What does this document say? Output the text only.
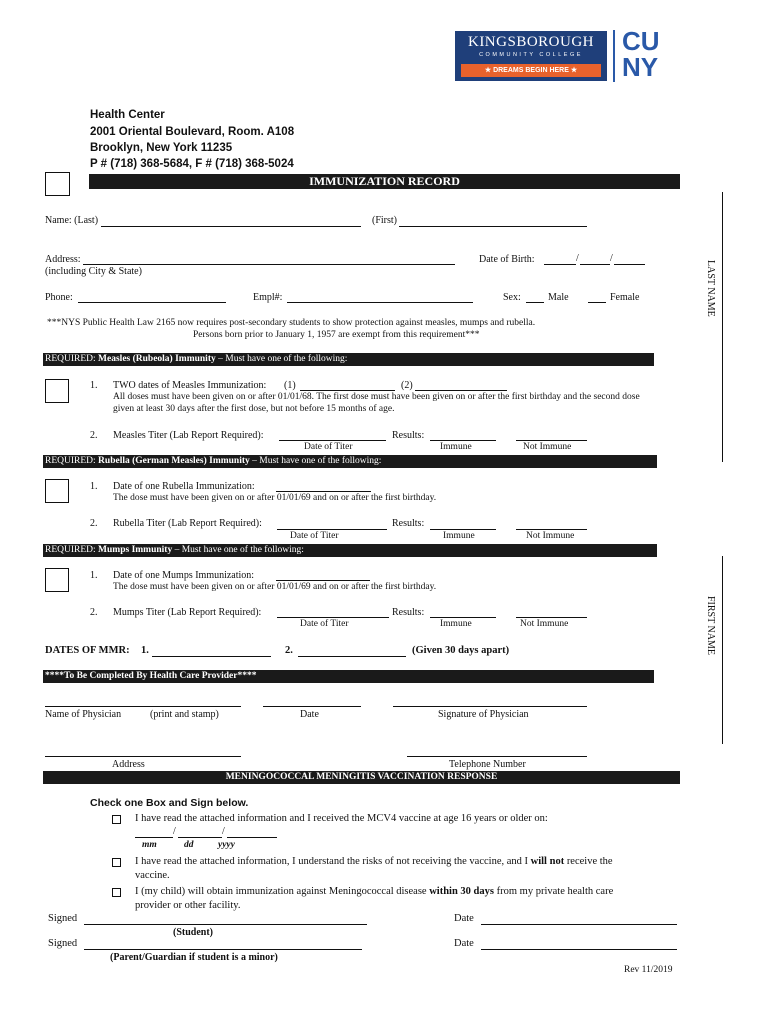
KINGSBOROUGH
COMMUNITY COLLEGE
★ DREAMS BEGIN HERE ★
CU
NY
Health Center
2001 Oriental Boulevard, Room. A108
Brooklyn, New York 11235
P # (718) 368-5684, F # (718) 368-5024
IMMUNIZATION RECORD
LAST NAME
FIRST NAME
Name: (Last)	(First)
Address:
(including City & State)
Date of Birth:	/	/
Phone:	Empl#:	Sex:	Male	Female
***NYS Public Health Law 2165 now requires post-secondary students to show protection against measles, mumps and rubella.
Persons born prior to January 1, 1957 are exempt from this requirement***
REQUIRED: Measles (Rubeola) Immunity – Must have one of the following:
1. TWO dates of Measles Immunization: (1)	(2)
All doses must have been given on or after 01/01/68. The first dose must have been given on or after the first birthday and the second dose
given at least 30 days after the first dose, but not before 15 months of age.
2. Measles Titer (Lab Report Required):	Results:
Date of Titer	Immune	Not Immune
REQUIRED: Rubella (German Measles) Immunity – Must have one of the following:
1. Date of one Rubella Immunization:
The dose must have been given on or after 01/01/69 and on or after the first birthday.
2. Rubella Titer (Lab Report Required):	Results:
Date of Titer	Immune	Not Immune
REQUIRED: Mumps Immunity – Must have one of the following:
1. Date of one Mumps Immunization:
The dose must have been given on or after 01/01/69 and on or after the first birthday.
2. Mumps Titer (Lab Report Required):	Results:
Date of Titer	Immune	Not Immune
DATES OF MMR: 1.	2.	(Given 30 days apart)
****To Be Completed By Health Care Provider****
Name of Physician	(print and stamp)	Date	Signature of Physician
Address	Telephone Number
MENINGOCOCCAL MENINGITIS VACCINATION RESPONSE
Check one Box and Sign below.
I have read the attached information and I received the MCV4 vaccine at age 16 years or older on:
/	/
mm	dd	yyyy
I have read the attached information, I understand the risks of not receiving the vaccine, and I will not receive the
vaccine.
I (my child) will obtain immunization against Meningococcal disease within 30 days from my private health care
provider or other facility.
Signed	Date
(Student)
Signed	Date
(Parent/Guardian if student is a minor)
Rev 11/2019
